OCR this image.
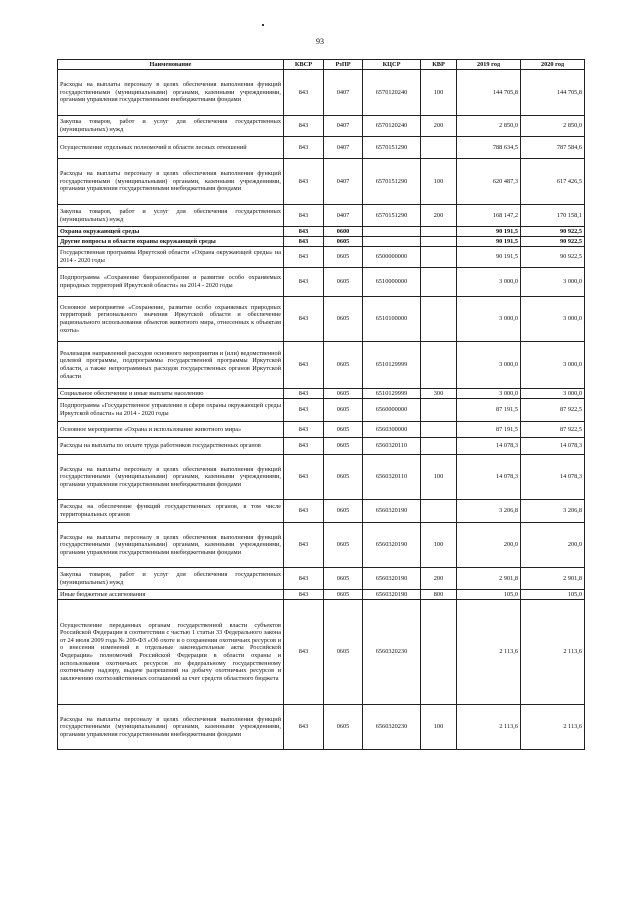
93
Наименование	КВСР	РзПР	КЦСР	КВР	2019 год	2020 год
Расходы на выплаты персоналу в целях обеспечения выполнения функций государственными (муниципальными) органами, казенными учреждениями, органами управления государственными внебюджетными фондами	843	0407	6570120240	100	144 705,8	144 705,8
Закупка товаров, работ и услуг для обеспечения государственных (муниципальных) нужд	843	0407	6570120240	200	2 850,0	2 850,0
Осуществление отдельных полномочий в области лесных отношений	843	0407	6570151290		788 634,5	787 584,6
Расходы на выплаты персоналу в целях обеспечения выполнения функций государственными (муниципальными) органами, казенными учреждениями, органами управления государственными внебюджетными фондами	843	0407	6570151290	100	620 487,3	617 426,5
Закупка товаров, работ и услуг для обеспечения государственных (муниципальных) нужд	843	0407	6570151290	200	168 147,2	170 158,1
Охрана окружающей среды	843	0600			90 191,5	90 922,5
Другие вопросы в области охраны окружающей среды	843	0605			90 191,5	90 922,5
Государственная программа Иркутской области «Охрана окружающей среды» на 2014 - 2020 годы	843	0605	6500000000		90 191,5	90 922,5
Подпрограмма «Сохранение биоразнообразия и развитие особо охраняемых природных территорий Иркутской области» на 2014 - 2020 годы	843	0605	6510000000		3 000,0	3 000,0
Основное мероприятие «Сохранение, развитие особо охраняемых природных территорий регионального значения Иркутской области и обеспечение рационального использования объектов животного мира, отнесенных к объектам охоты»	843	0605	6510100000		3 000,0	3 000,0
Реализация направлений расходов основного мероприятия и (или) ведомственной целевой программы, подпрограммы государственной программы Иркутской области, а также непрограммных расходов государственных органов Иркутской области	843	0605	6510129999		3 000,0	3 000,0
Социальное обеспечение и иные выплаты населению	843	0605	6510129999	300	3 000,0	3 000,0
Подпрограмма «Государственное управление в сфере охраны окружающей среды Иркутской области» на 2014 - 2020 годы	843	0605	6560000000		87 191,5	87 922,5
Основное мероприятие «Охрана и использование животного мира»	843	0605	6560300000		87 191,5	87 922,5
Расходы на выплаты по оплате труда работников государственных органов	843	0605	6560320110		14 078,3	14 078,3
Расходы на выплаты персоналу в целях обеспечения выполнения функций государственными (муниципальными) органами, казенными учреждениями, органами управления государственными внебюджетными фондами	843	0605	6560320110	100	14 078,3	14 078,3
Расходы на обеспечение функций государственных органов, в том числе территориальных органов	843	0605	6560320190		3 206,8	3 206,8
Расходы на выплаты персоналу в целях обеспечения выполнения функций государственными (муниципальными) органами, казенными учреждениями, органами управления государственными внебюджетными фондами	843	0605	6560320190	100	200,0	200,0
Закупка товаров, работ и услуг для обеспечения государственных (муниципальных) нужд	843	0605	6560320190	200	2 901,8	2 901,8
Иные бюджетные ассигнования	843	0605	6560320190	800	105,0	105,0
Осуществление переданных органам государственной власти субъектов Российской Федерации в соответствии с частью 1 статьи 33 Федерального закона от 24 июля 2009 года № 209-ФЗ «Об охоте и о сохранении охотничьих ресурсов и о внесении изменений в отдельные законодательные акты Российской Федерации» полномочий Российской Федерации в области охраны и использования охотничьих ресурсов по федеральному государственному охотничьему надзору, выдаче разрешений на добычу охотничьих ресурсов и заключению охотхозяйственных соглашений за счет средств областного бюджета	843	0605	6560320230		2 113,6	2 113,6
Расходы на выплаты персоналу в целях обеспечения выполнения функций государственными (муниципальными) органами, казенными учреждениями, органами управления государственными внебюджетными фондами	843	0605	6560320230	100	2 113,6	2 113,6
